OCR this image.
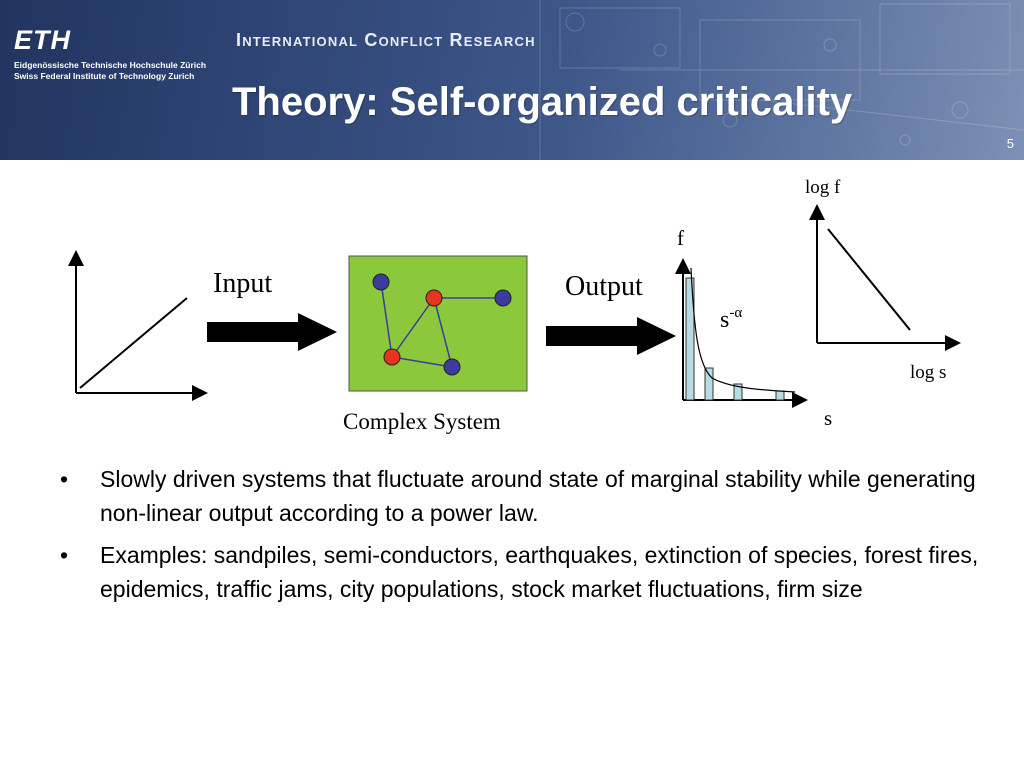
ETH
Eidgenössische Technische Hochschule Zürich
Swiss Federal Institute of Technology Zurich
International Conflict Research
Theory: Self-organized criticality
5
Input
Complex System
Output
f
$s^{-\alpha}$
s
log f
log s
• Slowly driven systems that fluctuate around state of marginal stability while generating non-linear output according to a power law.
• Examples: sandpiles, semi-conductors, earthquakes, extinction of species, forest fires, epidemics, traffic jams, city populations, stock market fluctuations, firm size
